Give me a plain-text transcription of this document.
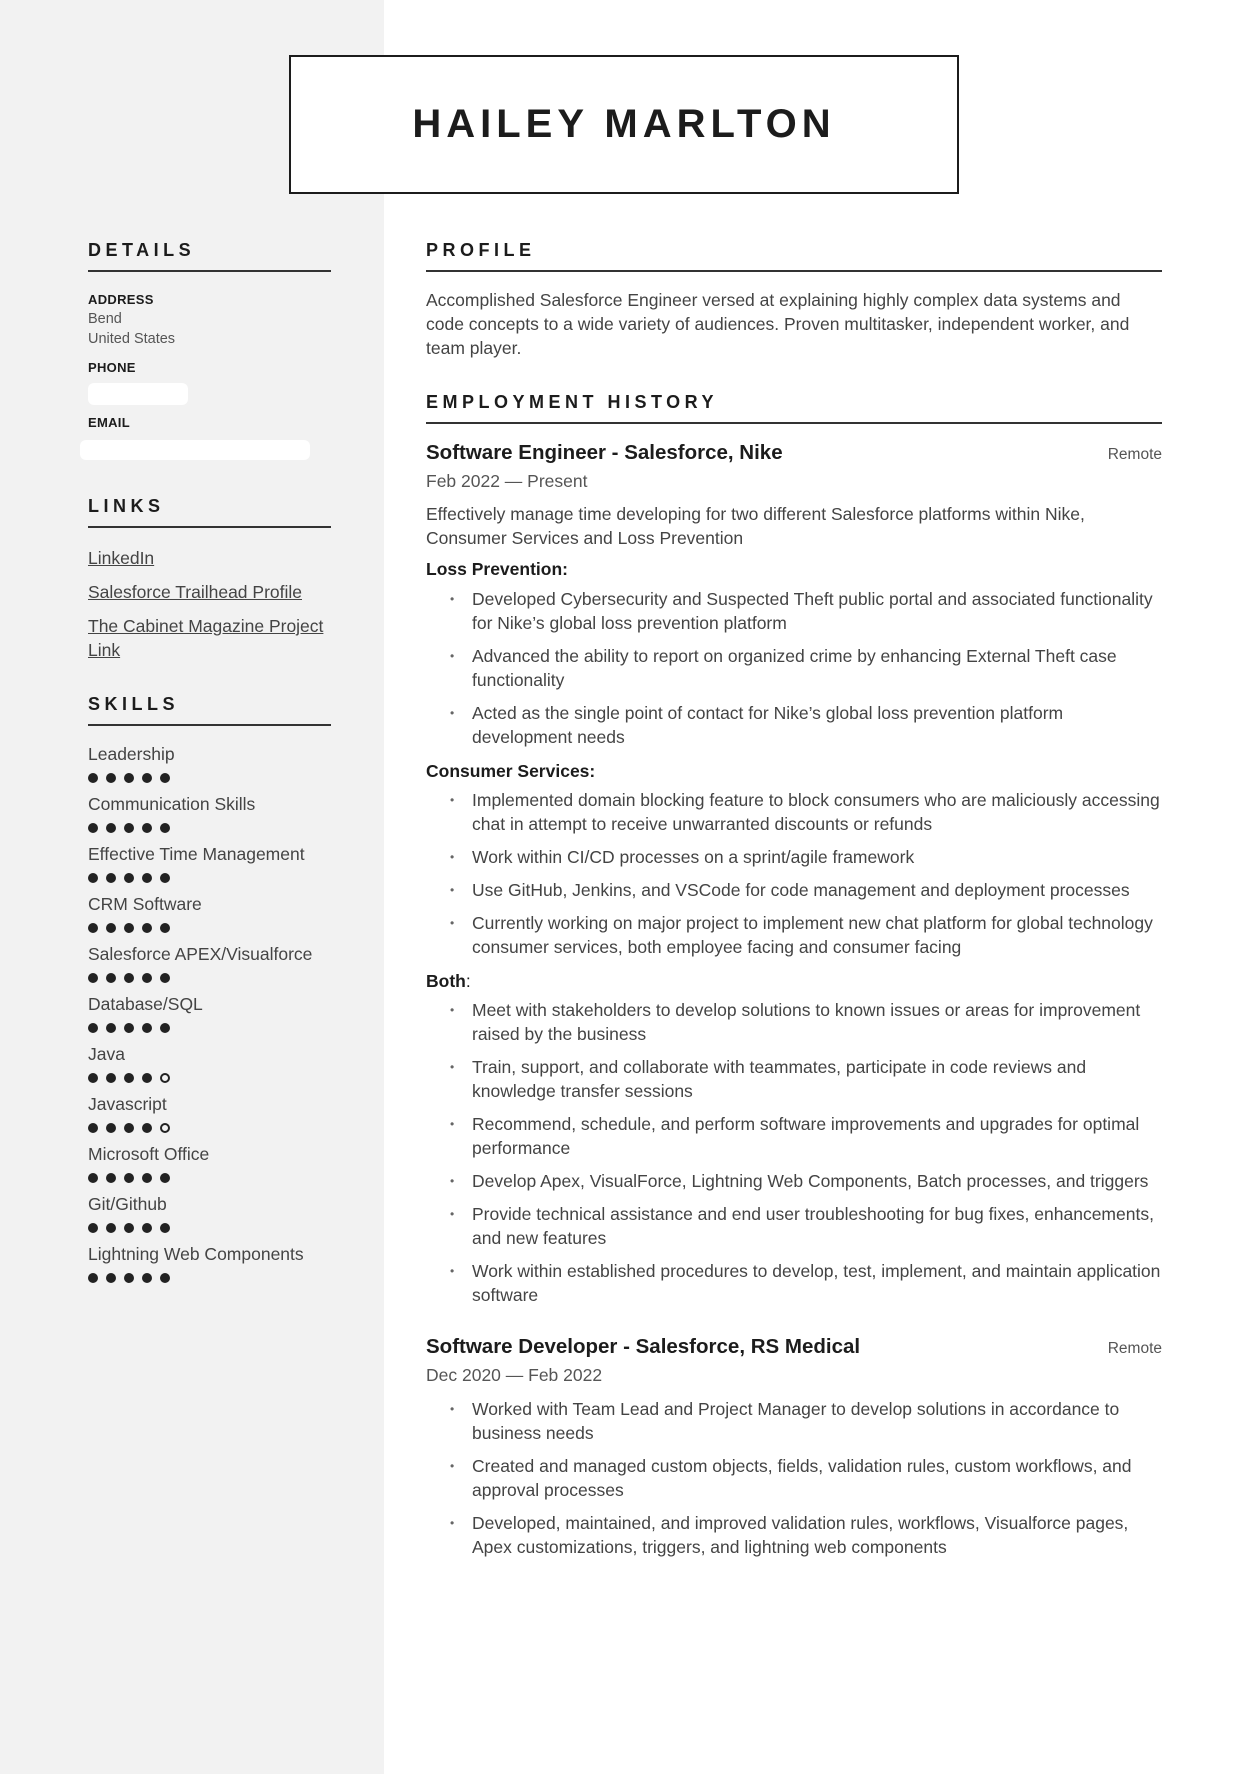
HAILEY MARLTON
DETAILS
ADDRESS
Bend
United States
PHONE
EMAIL
LINKS
LinkedIn
Salesforce Trailhead Profile
The Cabinet Magazine Project Link
SKILLS
Leadership
Communication Skills
Effective Time Management
CRM Software
Salesforce APEX/Visualforce
Database/SQL
Java
Javascript
Microsoft Office
Git/Github
Lightning Web Components
PROFILE

Accomplished Salesforce Engineer versed at explaining highly complex data systems and code concepts to a wide variety of audiences. Proven multitasker, independent worker, and team player.

EMPLOYMENT HISTORY
Software Engineer - Salesforce, Nike	Remote
Feb 2022 — Present

Effectively manage time developing for two different Salesforce platforms within Nike, Consumer Services and Loss Prevention

Loss Prevention:

• Developed Cybersecurity and Suspected Theft public portal and associated functionality for Nike’s global loss prevention platform
• Advanced the ability to report on organized crime by enhancing External Theft case functionality
• Acted as the single point of contact for Nike’s global loss prevention platform development needs

Consumer Services:

• Implemented domain blocking feature to block consumers who are maliciously accessing chat in attempt to receive unwarranted discounts or refunds
• Work within CI/CD processes on a sprint/agile framework
• Use GitHub, Jenkins, and VSCode for code management and deployment processes
• Currently working on major project to implement new chat platform for global technology consumer services, both employee facing and consumer facing

Both:

• Meet with stakeholders to develop solutions to known issues or areas for improvement raised by the business
• Train, support, and collaborate with teammates, participate in code reviews and knowledge transfer sessions
• Recommend, schedule, and perform software improvements and upgrades for optimal performance
• Develop Apex, VisualForce, Lightning Web Components, Batch processes, and triggers
• Provide technical assistance and end user troubleshooting for bug fixes, enhancements, and new features
• Work within established procedures to develop, test, implement, and maintain application software
Software Developer - Salesforce, RS Medical	Remote
Dec 2020 — Feb 2022
• Worked with Team Lead and Project Manager to develop solutions in accordance to business needs
• Created and managed custom objects, fields, validation rules, custom workflows, and approval processes
• Developed, maintained, and improved validation rules, workflows, Visualforce pages, Apex customizations, triggers, and lightning web components
